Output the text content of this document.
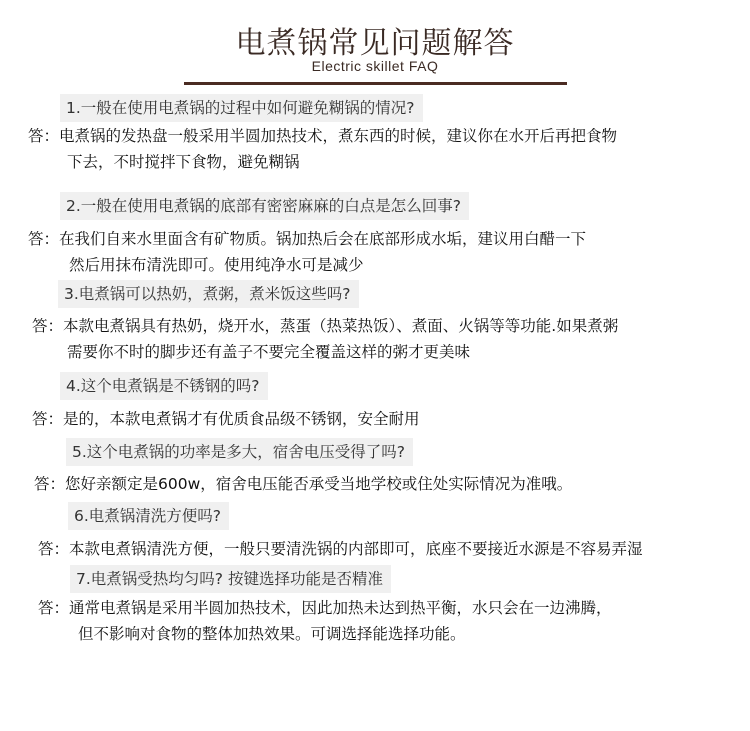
电煮锅常见问题解答
Electric skillet FAQ
1.一般在使用电煮锅的过程中如何避免糊锅的情况?
答：电煮锅的发热盘一般采用半圆加热技术，煮东西的时候，建议你在水开后再把食物
下去，不时搅拌下食物，避免糊锅
2.一般在使用电煮锅的底部有密密麻麻的白点是怎么回事?
答：在我们自来水里面含有矿物质。锅加热后会在底部形成水垢，建议用白醋一下
然后用抹布清洗即可。使用纯净水可是减少
3.电煮锅可以热奶，煮粥，煮米饭这些吗?
答：本款电煮锅具有热奶，烧开水，蒸蛋（热菜热饭）、煮面、火锅等等功能.如果煮粥
需要你不时的脚步还有盖子不要完全覆盖这样的粥才更美味
4.这个电煮锅是不锈钢的吗?
答：是的，本款电煮锅才有优质食品级不锈钢，安全耐用
5.这个电煮锅的功率是多大，宿舍电压受得了吗?
答：您好亲额定是600w，宿舍电压能否承受当地学校或住处实际情况为准哦。
6.电煮锅清洗方便吗?
答：本款电煮锅清洗方便，一般只要清洗锅的内部即可，底座不要接近水源是不容易弄湿
7.电煮锅受热均匀吗? 按键选择功能是否精准
答：通常电煮锅是采用半圆加热技术，因此加热未达到热平衡，水只会在一边沸腾，
但不影响对食物的整体加热效果。可调选择能选择功能。
